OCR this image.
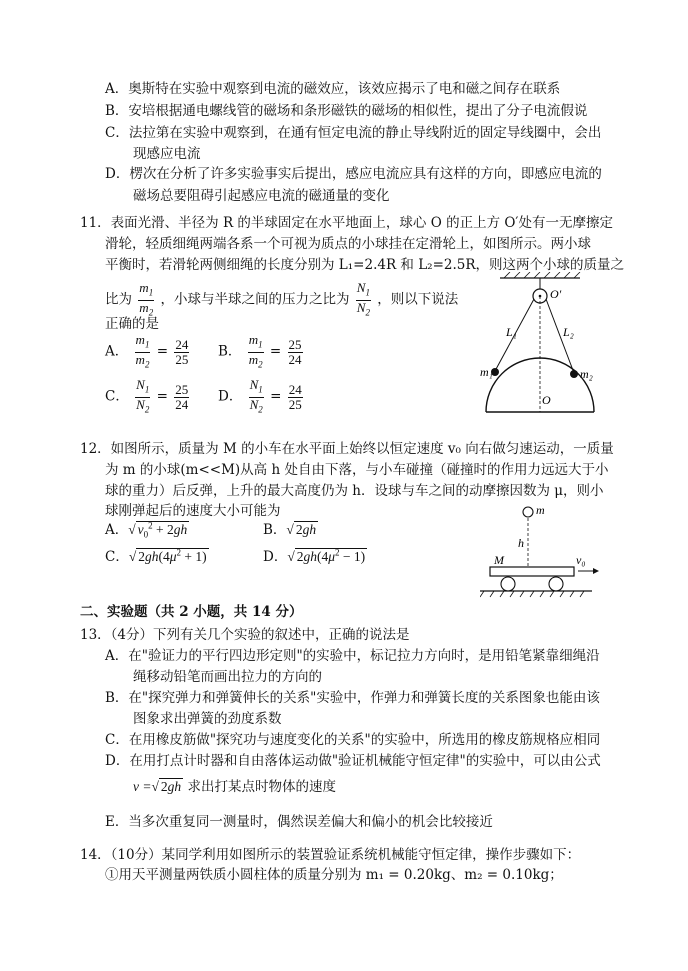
A．奥斯特在实验中观察到电流的磁效应，该效应揭示了电和磁之间存在联系
B．安培根据通电螺线管的磁场和条形磁铁的磁场的相似性，提出了分子电流假说
C．法拉第在实验中观察到，在通有恒定电流的静止导线附近的固定导线圈中，会出
现感应电流
D．楞次在分析了许多实验事实后提出，感应电流应具有这样的方向，即感应电流的
磁场总要阻碍引起感应电流的磁通量的变化
11．表面光滑、半径为 R 的半球固定在水平地面上，球心 O 的正上方 O′处有一无摩擦定
滑轮，轻质细绳两端各系一个可视为质点的小球挂在定滑轮上，如图所示。两小球
平衡时，若滑轮两侧细绳的长度分别为 L₁=2.4R 和 L₂=2.5R，则这两个小球的质量之
比为 $\frac{m_1}{m_2}$ ，小球与半球之间的压力之比为 $\frac{N_1}{N_2}$ ，则以下说法
正确的是
A． $\frac{m_1}{m_2} = \frac{24}{25}$ B． $\frac{m_1}{m_2} = \frac{25}{24}$
C． $\frac{N_1}{N_2} = \frac{25}{24}$ D． $\frac{N_1}{N_2} = \frac{24}{25}$
O′
L₁	L₂
m₁	m₂
O
12．如图所示，质量为 M 的小车在水平面上始终以恒定速度 v₀ 向右做匀速运动，一质量
为 m 的小球(m<<M)从高 h 处自由下落，与小车碰撞（碰撞时的作用力远远大于小
球的重力）后反弹，上升的最大高度仍为 h．设球与车之间的动摩擦因数为 μ，则小
球刚弹起后的速度大小可能为
A．√ $v_0^2 + 2gh$	B．√ 2gh
C．√ $2gh(4\mu^2 + 1)$	D．√ $2gh(4\mu^2 - 1)$
m
h
M	v₀
二、实验题（共 2 小题，共 14 分）
13．（4分）下列有关几个实验的叙述中，正确的说法是
A．在"验证力的平行四边形定则"的实验中，标记拉力方向时，是用铅笔紧靠细绳沿
绳移动铅笔而画出拉力的方向的
B．在"探究弹力和弹簧伸长的关系"实验中，作弹力和弹簧长度的关系图象也能由该
图象求出弹簧的劲度系数
C．在用橡皮筋做"探究功与速度变化的关系"的实验中，所选用的橡皮筋规格应相同
D．在用打点计时器和自由落体运动做"验证机械能守恒定律"的实验中，可以由公式
v =√ 2gh 求出打某点时物体的速度
E．当多次重复同一测量时，偶然误差偏大和偏小的机会比较接近
14．（10分）某同学利用如图所示的装置验证系统机械能守恒定律，操作步骤如下：
①用天平测量两铁质小圆柱体的质量分别为 m₁ = 0.20kg、m₂ = 0.10kg；
